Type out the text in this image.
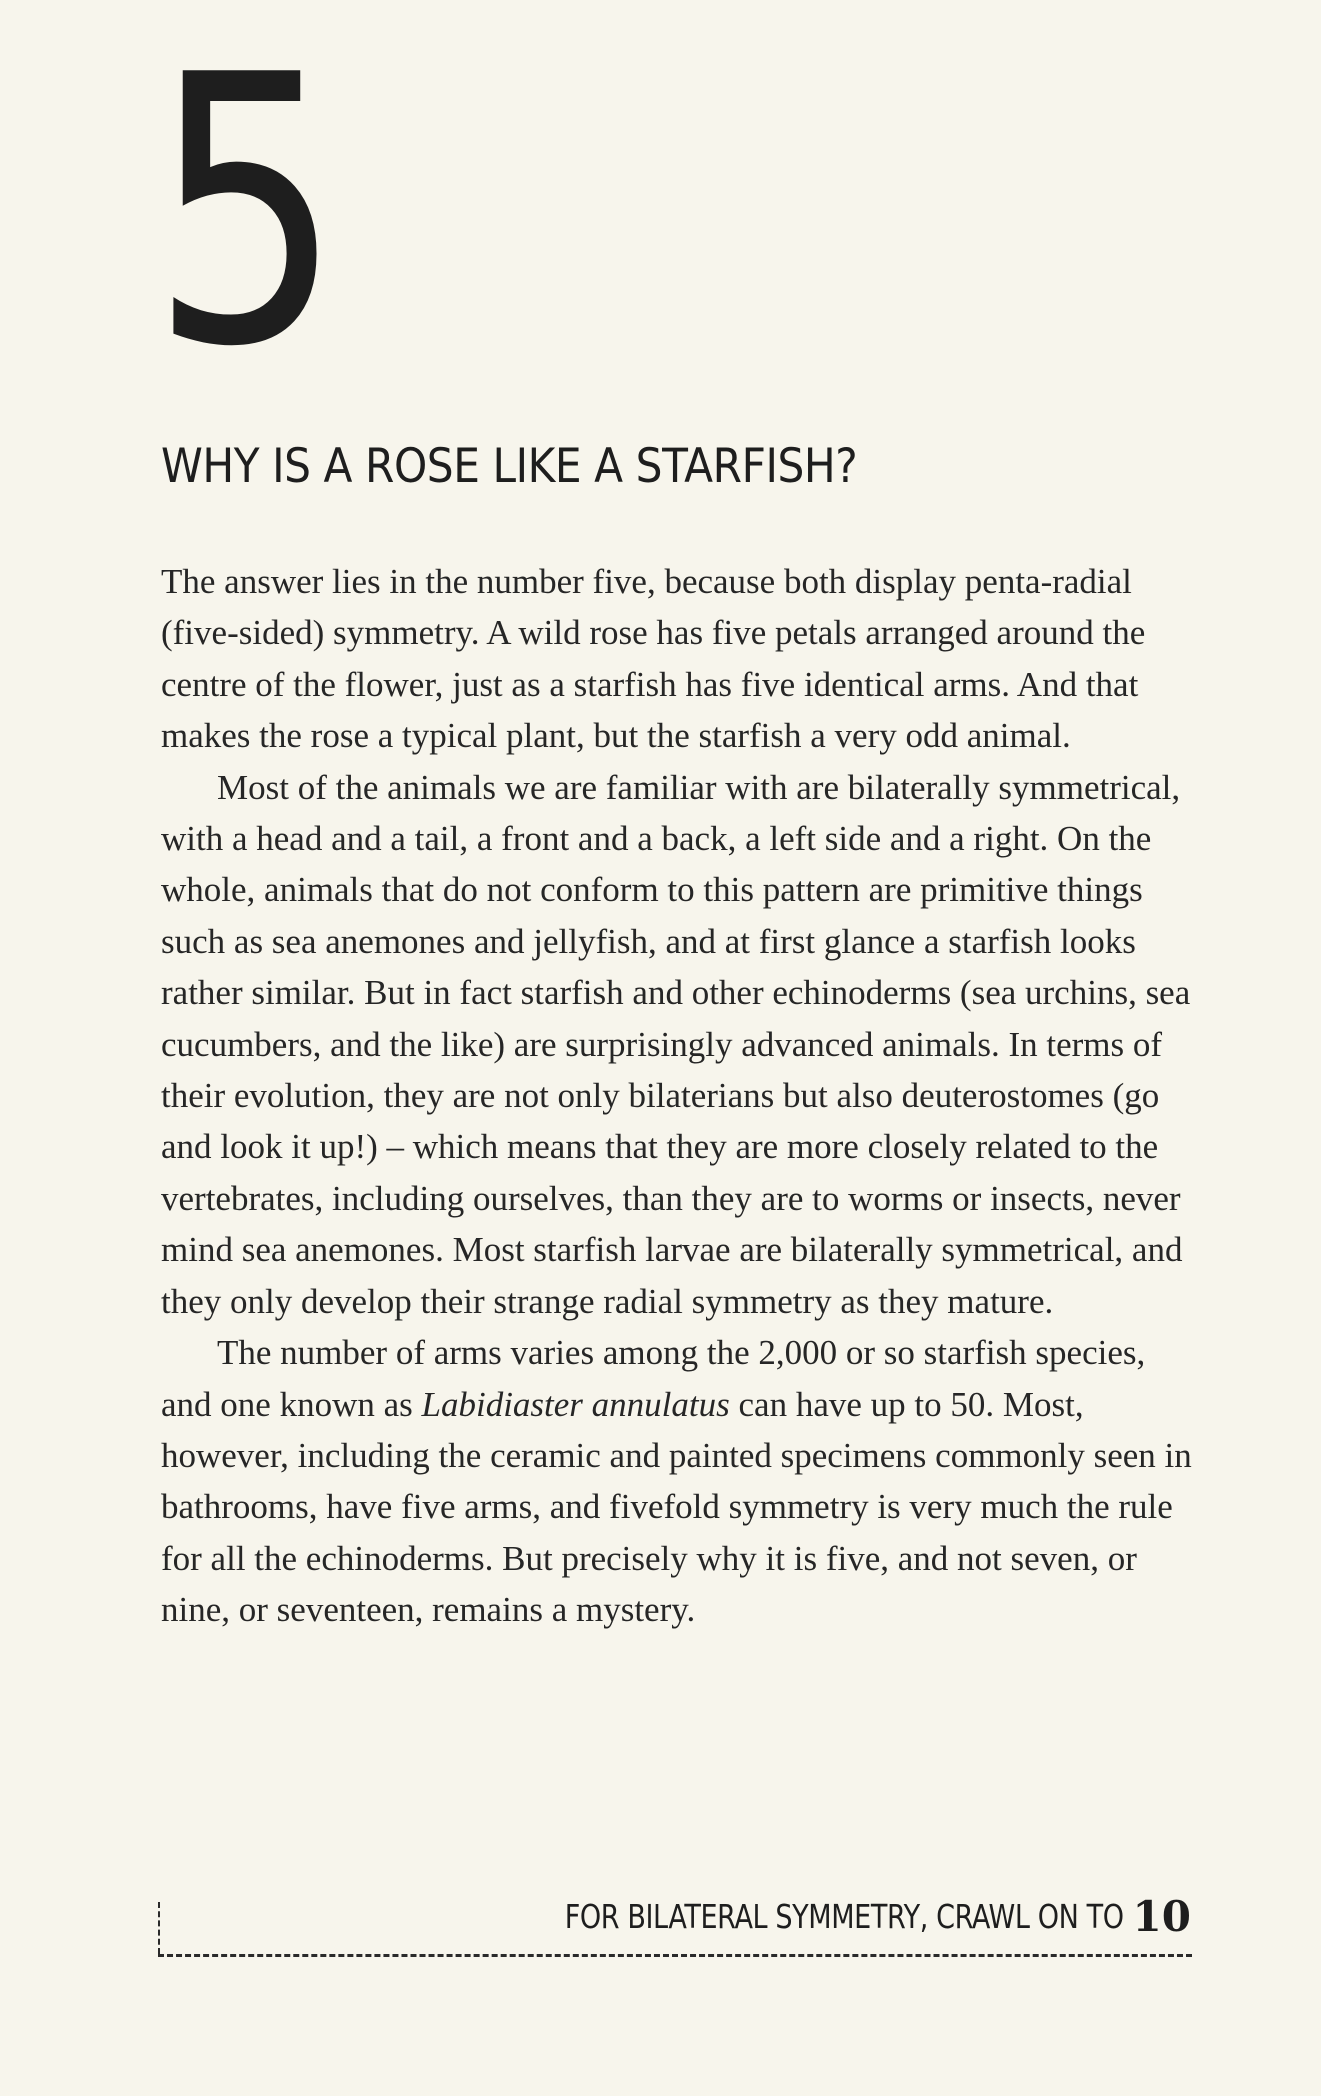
5
WHY IS A ROSE LIKE A STARFISH?

The answer lies in the number five, because both display penta-radial (five-sided) symmetry. A wild rose has five petals arranged around the centre of the flower, just as a starfish has five identical arms. And that makes the rose a typical plant, but the starfish a very odd animal.

Most of the animals we are familiar with are bilaterally symmetrical, with a head and a tail, a front and a back, a left side and a right. On the whole, animals that do not conform to this pattern are primitive things such as sea anemones and jellyfish, and at first glance a starfish looks rather similar. But in fact starfish and other echinoderms (sea urchins, sea cucumbers, and the like) are surprisingly advanced animals. In terms of their evolution, they are not only bilaterians but also deuterostomes (go and look it up!) – which means that they are more closely related to the vertebrates, including ourselves, than they are to worms or insects, never mind sea anemones. Most starfish larvae are bilaterally symmetrical, and they only develop their strange radial symmetry as they mature.

The number of arms varies among the 2,000 or so starfish species, and one known as Labidiaster annulatus can have up to 50. Most, however, including the ceramic and painted specimens commonly seen in bathrooms, have five arms, and fivefold symmetry is very much the rule for all the echinoderms. But precisely why it is five, and not seven, or nine, or seventeen, remains a mystery.

FOR BILATERAL SYMMETRY, CRAWL ON TO 10
